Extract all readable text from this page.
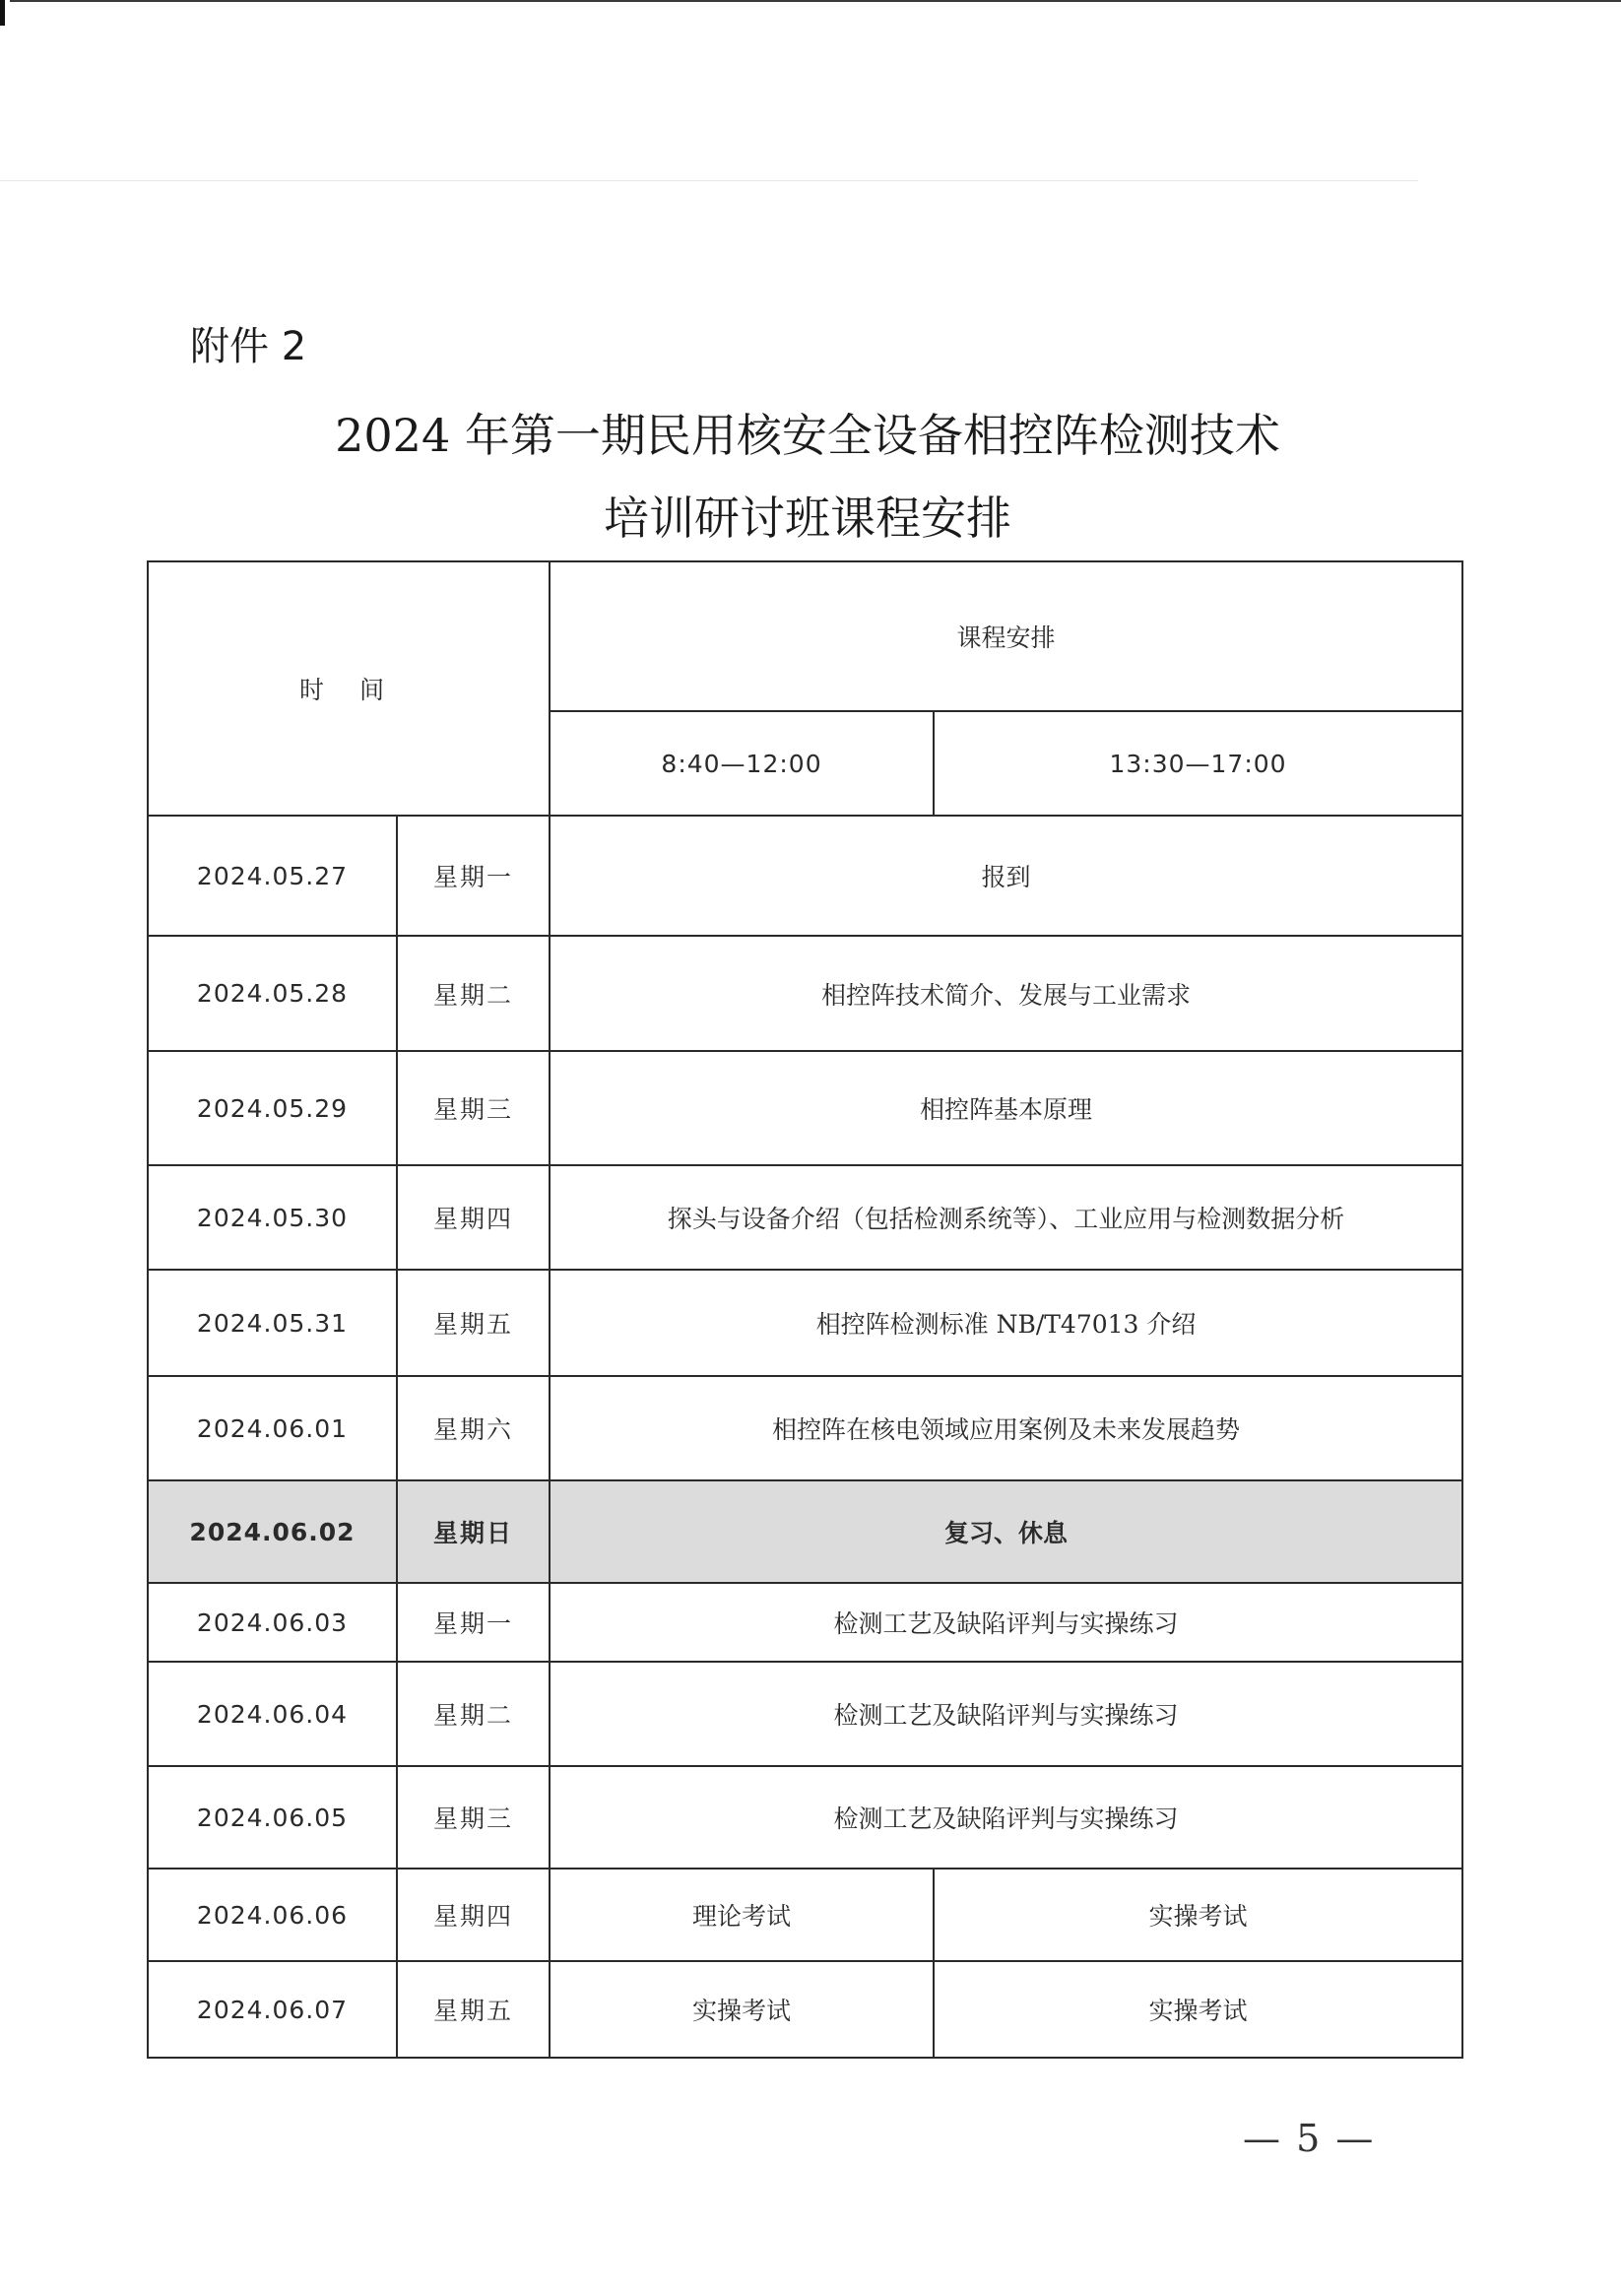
附件 2
2024 年第一期民用核安全设备相控阵检测技术
培训研讨班课程安排
时 间		课程安排	
		8:40—12:00	13:30—17:00
2024.05.27	星期一	报到	
2024.05.28	星期二	相控阵技术简介、发展与工业需求	
2024.05.29	星期三	相控阵基本原理	
2024.05.30	星期四	探头与设备介绍（包括检测系统等）、工业应用与检测数据分析	
2024.05.31	星期五	相控阵检测标准 NB/T47013 介绍	
2024.06.01	星期六	相控阵在核电领域应用案例及未来发展趋势	
2024.06.02	星期日	复习、休息	
2024.06.03	星期一	检测工艺及缺陷评判与实操练习	
2024.06.04	星期二	检测工艺及缺陷评判与实操练习	
2024.06.05	星期三	检测工艺及缺陷评判与实操练习	
2024.06.06	星期四	理论考试	实操考试
2024.06.07	星期五	实操考试	实操考试
— 5 —
